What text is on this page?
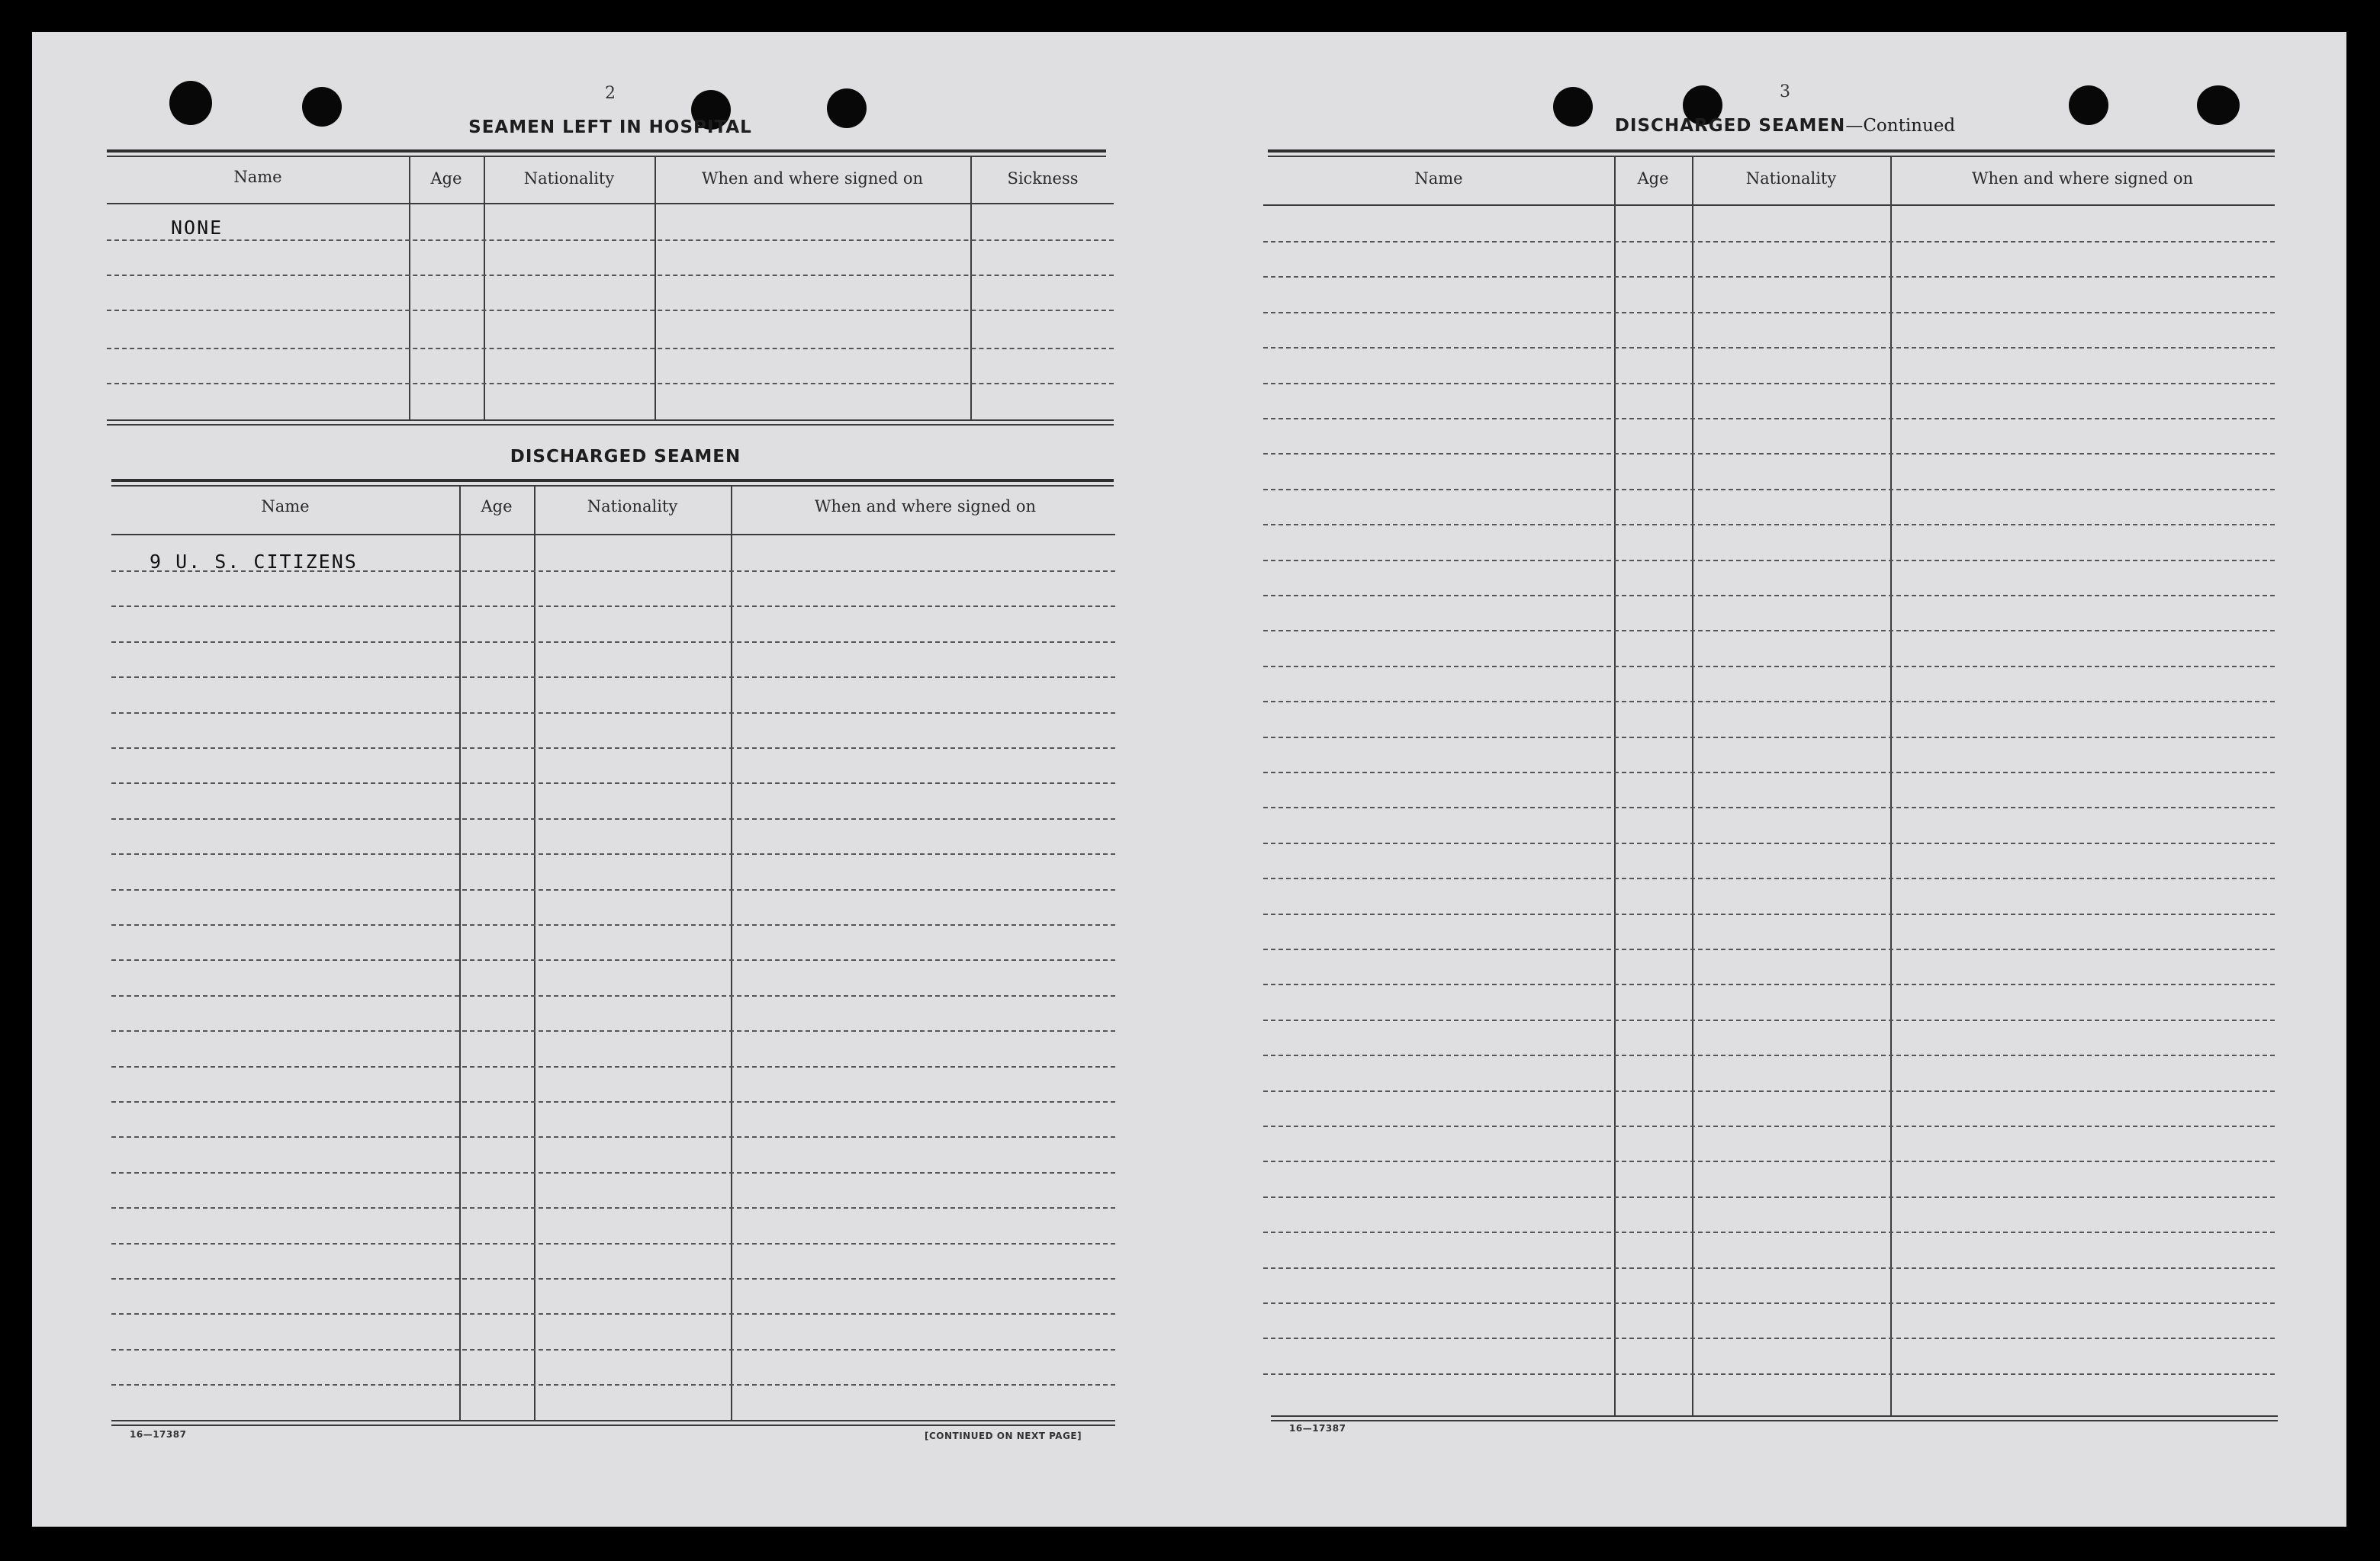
2
SEAMEN LEFT IN HOSPITAL
Name	Age	Nationality	When and where signed on	Sickness
NONE
DISCHARGED SEAMEN
Name	Age	Nationality	When and where signed on
9 U. S. CITIZENS
16—17387	[CONTINUED ON NEXT PAGE]
3
DISCHARGED SEAMEN—Continued
Name	Age	Nationality	When and where signed on
16—17387
